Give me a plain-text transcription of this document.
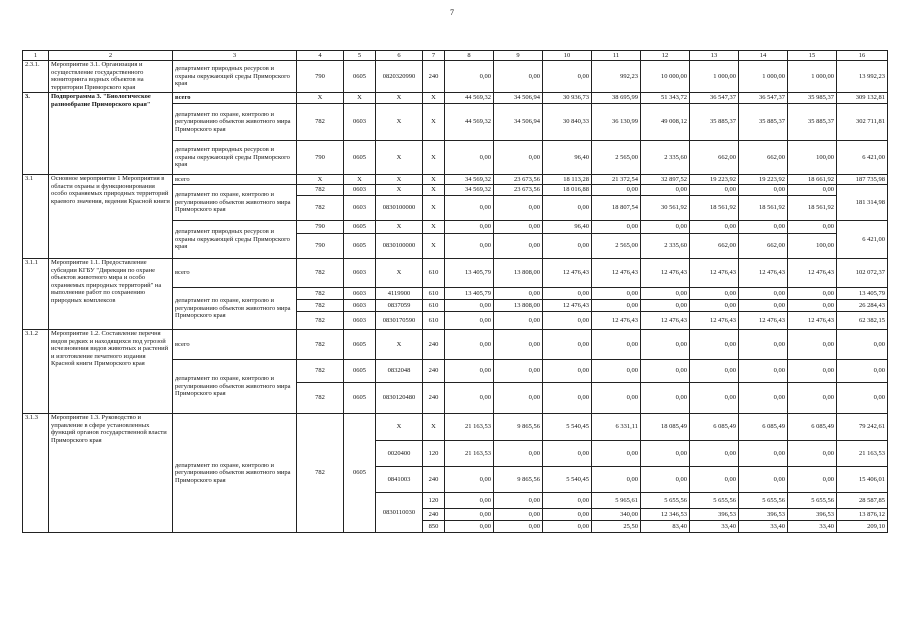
7
1	2	3	4	5	6	7	8	9	10	11	12	13	14	15	16
2.3.1.	Мероприятие 3.1. Организация и осуществление государственного мониторинга водных объектов на территории Приморского края	департамент природных ресурсов и охраны окружающей среды Приморского края	790	0605	0820320990	240	0,00	0,00	0,00	992,23	10 000,00	1 000,00	1 000,00	1 000,00	13 992,23
3.	Подпрограмма 3. "Биологическое разнообразие Приморского края"	всего	X	X	X	X	44 569,32	34 506,94	30 936,73	38 695,99	51 343,72	36 547,37	36 547,37	35 985,37	309 132,81
		департамент по охране, контролю и регулированию объектов животного мира Приморского края	782	0603	X	X	44 569,32	34 506,94	30 840,33	36 130,99	49 008,12	35 885,37	35 885,37	35 885,37	302 711,81
		департамент природных ресурсов и охраны окружающей среды Приморского края	790	0605	X	X	0,00	0,00	96,40	2 565,00	2 335,60	662,00	662,00	100,00	6 421,00
3.1	Основное мероприятие 1 Мероприятия в области охраны и функционирования особо охраняемых природных территорий краевого значения, ведения Красной книги	всего	X	X	X	X	34 569,32	23 673,56	18 113,28	21 372,54	32 897,52	19 223,92	19 223,92	18 661,92	187 735,98
		департамент по охране, контролю и регулированию объектов животного мира Приморского края	782	0603	X	X	34 569,32	23 673,56	18 016,88	0,00	0,00	0,00	0,00	0,00	181 314,98
			782	0603	0830100000	X	0,00	0,00	0,00	18 807,54	30 561,92	18 561,92	18 561,92	18 561,92	
		департамент природных ресурсов и охраны окружающей среды Приморского края	790	0605	X	X	0,00	0,00	96,40	0,00	0,00	0,00	0,00	0,00	6 421,00
			790	0605	0830100000	X	0,00	0,00	0,00	2 565,00	2 335,60	662,00	662,00	100,00	
3.1.1	Мероприятие 1.1. Предоставление субсидии КГБУ "Дирекция по охране объектов животного мира и особо охраняемых природных территорий" на выполнение работ по сохранению природных комплексов	всего	782	0603	X	610	13 405,79	13 808,00	12 476,43	12 476,43	12 476,43	12 476,43	12 476,43	12 476,43	102 072,37
		департамент по охране, контролю и регулированию объектов животного мира Приморского края	782	0603	4119900	610	13 405,79	0,00	0,00	0,00	0,00	0,00	0,00	0,00	13 405,79
			782	0603	0837059	610	0,00	13 808,00	12 476,43	0,00	0,00	0,00	0,00	0,00	26 284,43
			782	0603	0830170590	610	0,00	0,00	0,00	12 476,43	12 476,43	12 476,43	12 476,43	12 476,43	62 382,15
3.1.2	Мероприятие 1.2. Составление перечня видов редких и находящихся под угрозой исчезновения видов животных и растений и изготовление печатного издания Красной книги Приморского края	всего	782	0605	X	240	0,00	0,00	0,00	0,00	0,00	0,00	0,00	0,00	0,00
		департамент по охране, контролю и регулированию объектов животного мира Приморского края	782	0605	0832048	240	0,00	0,00	0,00	0,00	0,00	0,00	0,00	0,00	0,00
			782	0605	0830120480	240	0,00	0,00	0,00	0,00	0,00	0,00	0,00	0,00	0,00
3.1.3	Мероприятие 1.3. Руководство и управление в сфере установленных функций органов государственной власти Приморского края	департамент по охране, контролю и регулированию объектов животного мира Приморского края	782	0605	X	X	21 163,53	9 865,56	5 540,45	6 331,11	18 085,49	6 085,49	6 085,49	6 085,49	79 242,61
					0020400	120	21 163,53	0,00	0,00	0,00	0,00	0,00	0,00	0,00	21 163,53
					0841003	240	0,00	9 865,56	5 540,45	0,00	0,00	0,00	0,00	0,00	15 406,01
					0830110030	120	0,00	0,00	0,00	5 965,61	5 655,56	5 655,56	5 655,56	5 655,56	28 587,85
						240	0,00	0,00	0,00	340,00	12 346,53	396,53	396,53	396,53	13 876,12
						850	0,00	0,00	0,00	25,50	83,40	33,40	33,40	33,40	209,10
